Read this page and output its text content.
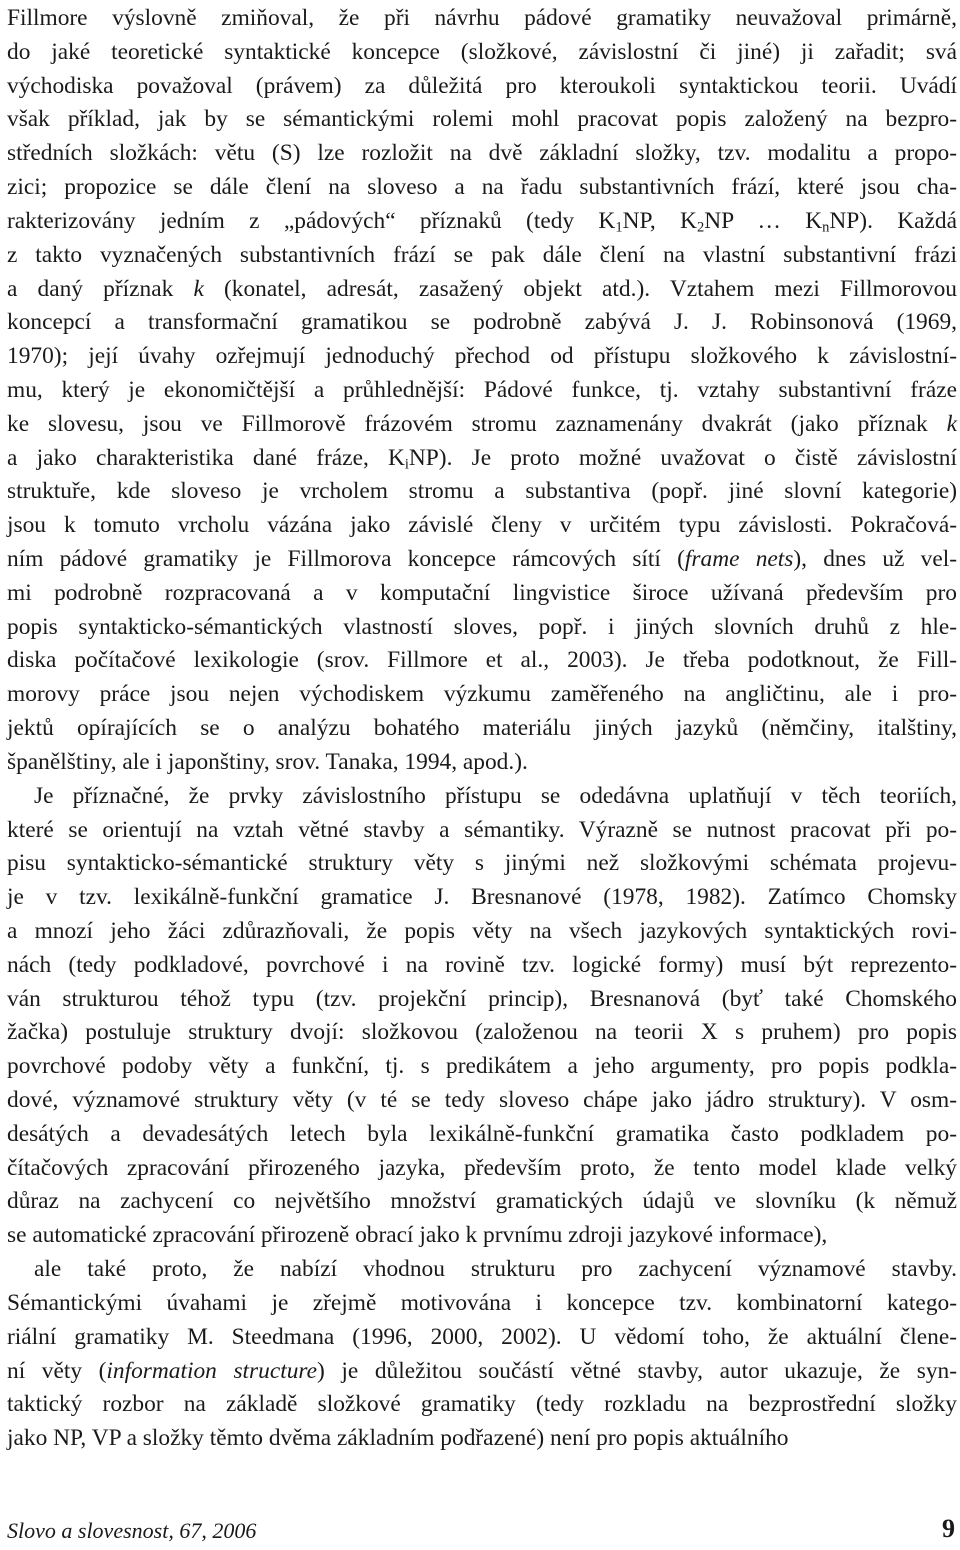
Fillmore výslovně zmiňoval, že při návrhu pádové gramatiky neuvažoval primárně,
do jaké teoretické syntaktické koncepce (složkové, závislostní či jiné) ji zařadit; svá
východiska považoval (právem) za důležitá pro kteroukoli syntaktickou teorii. Uvádí
však příklad, jak by se sémantickými rolemi mohl pracovat popis založený na bezpro-
středních složkách: větu (S) lze rozložit na dvě základní složky, tzv. modalitu a propo-
zici; propozice se dále člení na sloveso a na řadu substantivních frází, které jsou cha-
rakterizovány jedním z „pádových“ příznaků (tedy $K_1NP$, $K_2NP$ … $K_nNP$). Každá
z takto vyznačených substantivních frází se pak dále člení na vlastní substantivní frázi
a daný příznak k (konatel, adresát, zasažený objekt atd.). Vztahem mezi Fillmorovou
koncepcí a transformační gramatikou se podrobně zabývá J. J. Robinsonová (1969,
1970); její úvahy ozřejmují jednoduchý přechod od přístupu složkového k závislostní-
mu, který je ekonomičtější a průhlednější: Pádové funkce, tj. vztahy substantivní fráze
ke slovesu, jsou ve Fillmorově frázovém stromu zaznamenány dvakrát (jako příznak k
a jako charakteristika dané fráze, $K_iNP$). Je proto možné uvažovat o čistě závislostní
struktuře, kde sloveso je vrcholem stromu a substantiva (popř. jiné slovní kategorie)
jsou k tomuto vrcholu vázána jako závislé členy v určitém typu závislosti. Pokračová-
ním pádové gramatiky je Fillmorova koncepce rámcových sítí (frame nets), dnes už vel-
mi podrobně rozpracovaná a v komputační lingvistice široce užívaná především pro
popis syntakticko-sémantických vlastností sloves, popř. i jiných slovních druhů z hle-
diska počítačové lexikologie (srov. Fillmore et al., 2003). Je třeba podotknout, že Fill-
morovy práce jsou nejen východiskem výzkumu zaměřeného na angličtinu, ale i pro-
jektů opírajících se o analýzu bohatého materiálu jiných jazyků (němčiny, italštiny,
španělštiny, ale i japonštiny, srov. Tanaka, 1994, apod.).
Je příznačné, že prvky závislostního přístupu se odedávna uplatňují v těch teoriích,
které se orientují na vztah větné stavby a sémantiky. Výrazně se nutnost pracovat při po-
pisu syntakticko-sémantické struktury věty s jinými než složkovými schémata projevu-
je v tzv. lexikálně-funkční gramatice J. Bresnanové (1978, 1982). Zatímco Chomsky
a mnozí jeho žáci zdůrazňovali, že popis věty na všech jazykových syntaktických rovi-
nách (tedy podkladové, povrchové i na rovině tzv. logické formy) musí být reprezento-
ván strukturou téhož typu (tzv. projekční princip), Bresnanová (byť také Chomského
žačka) postuluje struktury dvojí: složkovou (založenou na teorii X s pruhem) pro popis
povrchové podoby věty a funkční, tj. s predikátem a jeho argumenty, pro popis podkla-
dové, významové struktury věty (v té se tedy sloveso chápe jako jádro struktury). V osm-
desátých a devadesátých letech byla lexikálně-funkční gramatika často podkladem po-
čítačových zpracování přirozeného jazyka, především proto, že tento model klade velký
důraz na zachycení co největšího množství gramatických údajů ve slovníku (k němuž
se automatické zpracování přirozeně obrací jako k prvnímu zdroji jazykové informace),
ale také proto, že nabízí vhodnou strukturu pro zachycení významové stavby.
Sémantickými úvahami je zřejmě motivována i koncepce tzv. kombinatorní katego-
riální gramatiky M. Steedmana (1996, 2000, 2002). U vědomí toho, že aktuální člene-
ní věty (information structure) je důležitou součástí větné stavby, autor ukazuje, že syn-
taktický rozbor na základě složkové gramatiky (tedy rozkladu na bezprostřední složky
jako NP, VP a složky těmto dvěma základním podřazené) není pro popis aktuálního
Slovo a slovesnost, 67, 2006	9
